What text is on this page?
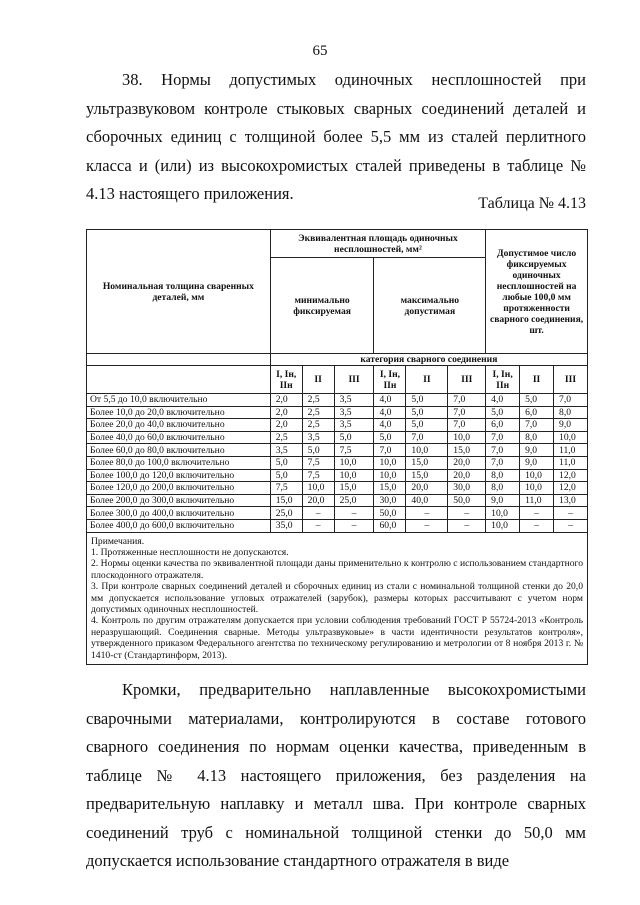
65

38. Нормы допустимых одиночных несплошностей при ультразвуковом контроле стыковых сварных соединений деталей и сборочных единиц с толщиной более 5,5 мм из сталей перлитного класса и (или) из высокохромистых сталей приведены в таблице № 4.13 настоящего приложения.

Таблица № 4.13
Номинальная толщина сваренных деталей, мм	Эквивалентная площадь одиночных несплошностей, мм²						Допустимое число фиксируемых одиночных несплошностей на любые 100,0 мм протяженности сварного соединения, шт.		
	минимально фиксируемая			максимально допустимая					
	категория сварного соединения								
	I, Iн, IIн	II	III	I, Iн, IIн	II	III	I, Iн, IIн	II	III
От 5,5 до 10,0 включительно	2,0	2,5	3,5	4,0	5,0	7,0	4,0	5,0	7,0
Более 10,0 до 20,0 включительно	2,0	2,5	3,5	4,0	5,0	7,0	5,0	6,0	8,0
Более 20,0 до 40,0 включительно	2,0	2,5	3,5	4,0	5,0	7,0	6,0	7,0	9,0
Более 40,0 до 60,0 включительно	2,5	3,5	5,0	5,0	7,0	10,0	7,0	8,0	10,0
Более 60,0 до 80,0 включительно	3,5	5,0	7,5	7,0	10,0	15,0	7,0	9,0	11,0
Более 80,0 до 100,0 включительно	5,0	7,5	10,0	10,0	15,0	20,0	7,0	9,0	11,0
Более 100,0 до 120,0 включительно	5,0	7,5	10,0	10,0	15,0	20,0	8,0	10,0	12,0
Более 120,0 до 200,0 включительно	7,5	10,0	15,0	15,0	20,0	30,0	8,0	10,0	12,0
Более 200,0 до 300,0 включительно	15,0	20,0	25,0	30,0	40,0	50,0	9,0	11,0	13,0
Более 300,0 до 400,0 включительно	25,0	–	–	50,0	–	–	10,0	–	–
Более 400,0 до 600,0 включительно	35,0	–	–	60,0	–	–	10,0	–	–

Примечания.

1. Протяженные несплошности не допускаются.

2. Нормы оценки качества по эквивалентной площади даны применительно к контролю с использованием стандартного плоскодонного отражателя.

3. При контроле сварных соединений деталей и сборочных единиц из стали с номинальной толщиной стенки до 20,0 мм допускается использование угловых отражателей (зарубок), размеры которых рассчитывают с учетом норм допустимых одиночных несплошностей.

4. Контроль по другим отражателям допускается при условии соблюдения требований ГОСТ Р 55724-2013 «Контроль неразрушающий. Соединения сварные. Методы ультразвуковые» в части идентичности результатов контроля», утвержденного приказом Федерального агентства по техническому регулированию и метрологии от 8 ноября 2013 г. № 1410-ст (Стандартинформ, 2013).									

Кромки, предварительно наплавленные высокохромистыми сварочными материалами, контролируются в составе готового сварного соединения по нормам оценки качества, приведенным в таблице № 4.13 настоящего приложения, без разделения на предварительную наплавку и металл шва. При контроле сварных соединений труб с номинальной толщиной стенки до 50,0 мм допускается использование стандартного отражателя в виде
